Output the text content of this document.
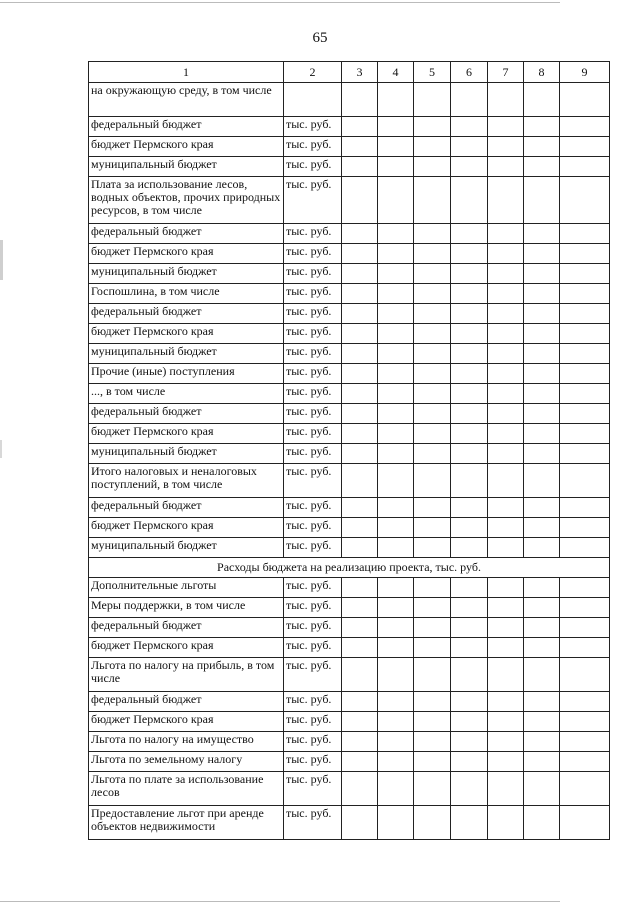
65
1	2	3	4	5	6	7	8	9
на окружающую среду, в том числе								
федеральный бюджет	тыс. руб.							
бюджет Пермского края	тыс. руб.							
муниципальный бюджет	тыс. руб.							
Плата за использование лесов, водных объектов, прочих природных ресурсов, в том числе	тыс. руб.							
федеральный бюджет	тыс. руб.							
бюджет Пермского края	тыс. руб.							
муниципальный бюджет	тыс. руб.							
Госпошлина, в том числе	тыс. руб.							
федеральный бюджет	тыс. руб.							
бюджет Пермского края	тыс. руб.							
муниципальный бюджет	тыс. руб.							
Прочие (иные) поступления	тыс. руб.							
..., в том числе	тыс. руб.							
федеральный бюджет	тыс. руб.							
бюджет Пермского края	тыс. руб.							
муниципальный бюджет	тыс. руб.							
Итого налоговых и неналоговых поступлений, в том числе	тыс. руб.							
федеральный бюджет	тыс. руб.							
бюджет Пермского края	тыс. руб.							
муниципальный бюджет	тыс. руб.							
Расходы бюджета на реализацию проекта, тыс. руб.								
Дополнительные льготы	тыс. руб.							
Меры поддержки, в том числе	тыс. руб.							
федеральный бюджет	тыс. руб.							
бюджет Пермского края	тыс. руб.							
Льгота по налогу на прибыль, в том числе	тыс. руб.							
федеральный бюджет	тыс. руб.							
бюджет Пермского края	тыс. руб.							
Льгота по налогу на имущество	тыс. руб.							
Льгота по земельному налогу	тыс. руб.							
Льгота по плате за использование лесов	тыс. руб.							
Предоставление льгот при аренде объектов недвижимости	тыс. руб.							
